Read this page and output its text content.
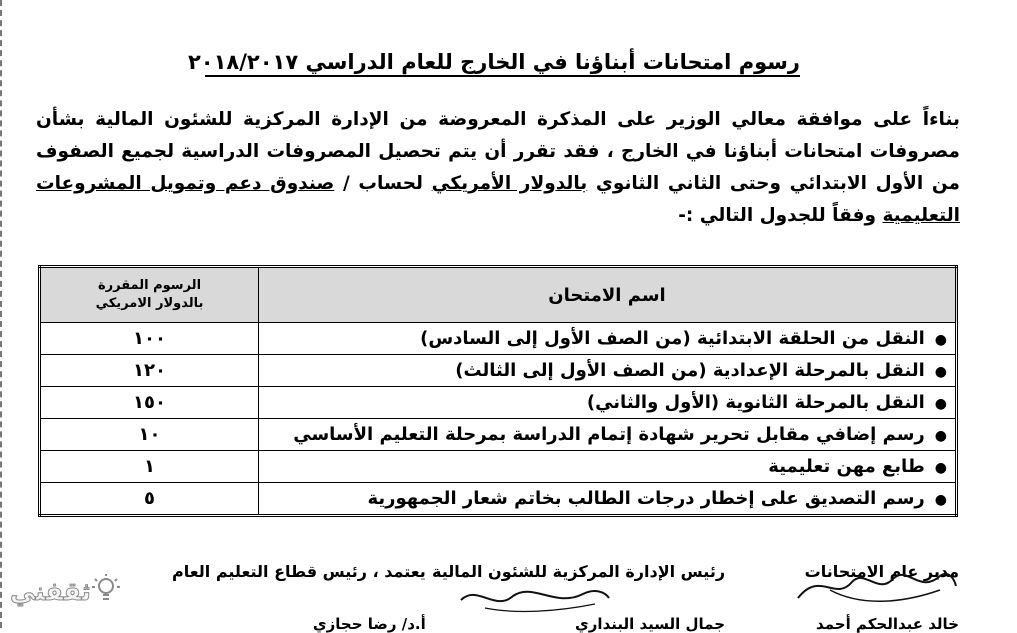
رسوم امتحانات أبناؤنا في الخارج للعام الدراسي ٢٠١٨/٢٠١٧
بناءاً على موافقة معالي الوزير على المذكرة المعروضة من الإدارة المركزية للشئون المالية بشأن مصروفات امتحانات أبناؤنا في الخارج ، فقد تقرر أن يتم تحصيل المصروفات الدراسية لجميع الصفوف من الأول الابتدائي وحتى الثاني الثانوي بالدولار الأمريكي لحساب / صندوق دعم وتمويل المشروعات التعليمية وفقاً للجدول التالي :-
اسم الامتحان	الرسوم المقررة
بالدولار الامريكي
●النقل من الحلقة الابتدائية (من الصف الأول إلى السادس)	١٠٠
●النقل بالمرحلة الإعدادية (من الصف الأول إلى الثالث)	١٢٠
●النقل بالمرحلة الثانوية (الأول والثاني)	١٥٠
●رسم إضافي مقابل تحرير شهادة إتمام الدراسة بمرحلة التعليم الأساسي	١٠
●طابع مهن تعليمية	١
●رسم التصديق على إخطار درجات الطالب بخاتم شعار الجمهورية	٥
مدير عام الامتحانات
خالد عبدالحكم أحمد
رئيس الإدارة المركزية للشئون المالية
جمال السيد البنداري
يعتمد ، رئيس قطاع التعليم العام
أ.د/ رضا حجازي
ثقفني
